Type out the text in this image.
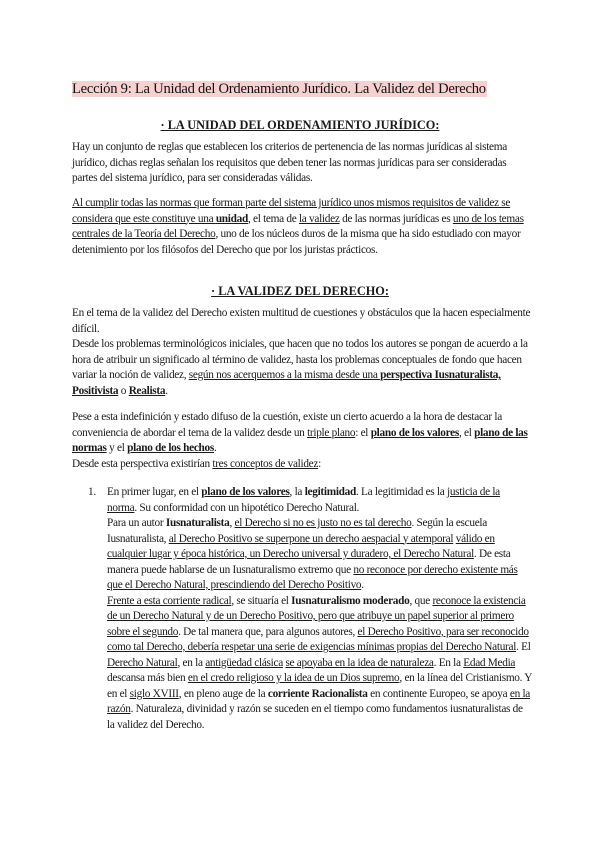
Lección 9: La Unidad del Ordenamiento Jurídico. La Validez del Derecho
· LA UNIDAD DEL ORDENAMIENTO JURÍDICO:

Hay un conjunto de reglas que establecen los criterios de pertenencia de las normas jurídicas al sistema jurídico, dichas reglas señalan los requisitos que deben tener las normas jurídicas para ser consideradas partes del sistema jurídico, para ser consideradas válidas.

Al cumplir todas las normas que forman parte del sistema jurídico unos mismos requisitos de validez se considera que este constituye una unidad, el tema de la validez de las normas jurídicas es uno de los temas centrales de la Teoría del Derecho, uno de los núcleos duros de la misma que ha sido estudiado con mayor detenimiento por los filósofos del Derecho que por los juristas prácticos.

· LA VALIDEZ DEL DERECHO:
En el tema de la validez del Derecho existen multitud de cuestiones y obstáculos que la hacen especialmente difícil.
Desde los problemas terminológicos iniciales, que hacen que no todos los autores se pongan de acuerdo a la hora de atribuir un significado al término de validez, hasta los problemas conceptuales de fondo que hacen variar la noción de validez, según nos acerquemos a la misma desde una perspectiva Iusnaturalista, Positivista o Realista.
Pese a esta indefinición y estado difuso de la cuestión, existe un cierto acuerdo a la hora de destacar la conveniencia de abordar el tema de la validez desde un triple plano: el plano de los valores, el plano de las normas y el plano de los hechos.
Desde esta perspectiva existirían tres conceptos de validez:
1. En primer lugar, en el plano de los valores, la legitimidad. La legitimidad es la justicia de la norma. Su conformidad con un hipotético Derecho Natural.
Para un autor Iusnaturalista, el Derecho si no es justo no es tal derecho. Según la escuela Iusnaturalista, al Derecho Positivo se superpone un derecho aespacial y atemporal válido en cualquier lugar y época histórica, un Derecho universal y duradero, el Derecho Natural. De esta manera puede hablarse de un Iusnaturalismo extremo que no reconoce por derecho existente más que el Derecho Natural, prescindiendo del Derecho Positivo.
Frente a esta corriente radical, se situaría el Iusnaturalismo moderado, que reconoce la existencia de un Derecho Natural y de un Derecho Positivo, pero que atribuye un papel superior al primero sobre el segundo. De tal manera que, para algunos autores, el Derecho Positivo, para ser reconocido como tal Derecho, debería respetar una serie de exigencias mínimas propias del Derecho Natural. El Derecho Natural, en la antigüedad clásica se apoyaba en la idea de naturaleza. En la Edad Media descansa más bien en el credo religioso y la idea de un Dios supremo, en la línea del Cristianismo. Y en el siglo XVIII, en pleno auge de la corriente Racionalista en continente Europeo, se apoya en la razón. Naturaleza, divinidad y razón se suceden en el tiempo como fundamentos iusnaturalistas de la validez del Derecho.
